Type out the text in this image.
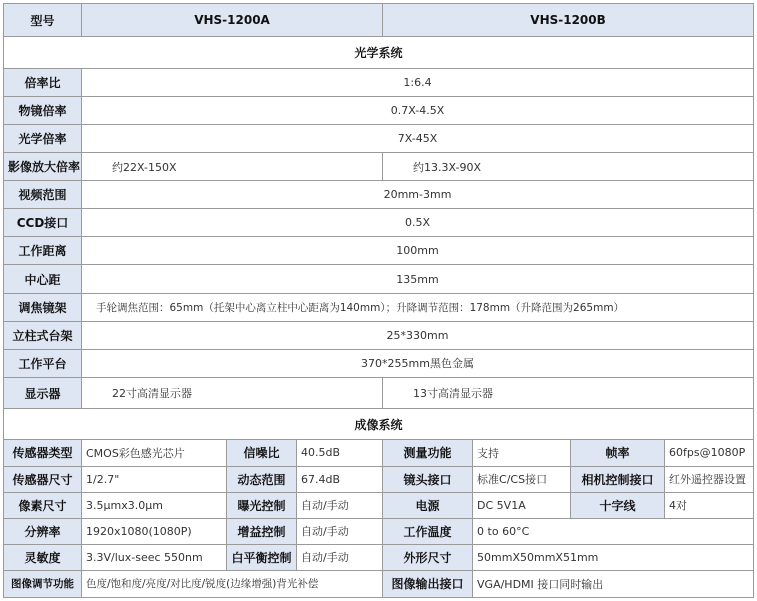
型号	VHS-1200A			VHS-1200B			
光学系统							
倍率比	1:6.4						
物镜倍率	0.7X-4.5X						
光学倍率	7X-45X						
影像放大倍率	约22X-150X			约13.3X-90X			
视频范围	20mm-3mm						
CCD接口	0.5X						
工作距离	100mm						
中心距	135mm						
调焦镜架	手轮调焦范围：65mm（托架中心离立柱中心距离为140mm）；升降调节范围：178mm（升降范围为265mm）						
立柱式台架	25*330mm						
工作平台	370*255mm黑色金属						
显示器	22寸高清显示器			13寸高清显示器			
成像系统							
传感器类型	CMOS彩色感光芯片	信噪比	40.5dB	测量功能	支持	帧率	60fps@1080P
传感器尺寸	1/2.7"	动态范围	67.4dB	镜头接口	标准C/CS接口	相机控制接口	红外遥控器设置
像素尺寸	3.5μmx3.0μm	曝光控制	自动/手动	电源	DC 5V1A	十字线	4对
分辨率	1920x1080(1080P)	增益控制	自动/手动	工作温度	0 to 60°C		
灵敏度	3.3V/lux-seec 550nm	白平衡控制	自动/手动	外形尺寸	50mmX50mmX51mm		
图像调节功能	色度/饱和度/亮度/对比度/锐度(边缘增强)背光补偿			图像输出接口	VGA/HDMI 接口同时输出		
